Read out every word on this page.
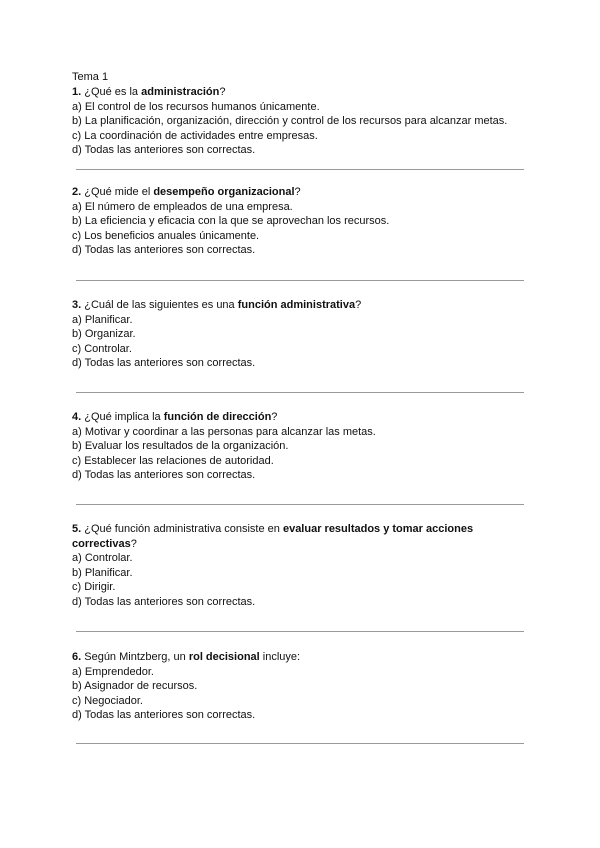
Tema 1

1. ¿Qué es la administración?

a) El control de los recursos humanos únicamente.

b) La planificación, organización, dirección y control de los recursos para alcanzar metas.

c) La coordinación de actividades entre empresas.

d) Todas las anteriores son correctas.

2. ¿Qué mide el desempeño organizacional?

a) El número de empleados de una empresa.

b) La eficiencia y eficacia con la que se aprovechan los recursos.

c) Los beneficios anuales únicamente.

d) Todas las anteriores son correctas.

3. ¿Cuál de las siguientes es una función administrativa?

a) Planificar.

b) Organizar.

c) Controlar.

d) Todas las anteriores son correctas.

4. ¿Qué implica la función de dirección?

a) Motivar y coordinar a las personas para alcanzar las metas.

b) Evaluar los resultados de la organización.

c) Establecer las relaciones de autoridad.

d) Todas las anteriores son correctas.

5. ¿Qué función administrativa consiste en evaluar resultados y tomar acciones correctivas?

a) Controlar.

b) Planificar.

c) Dirigir.

d) Todas las anteriores son correctas.

6. Según Mintzberg, un rol decisional incluye:

a) Emprendedor.

b) Asignador de recursos.

c) Negociador.

d) Todas las anteriores son correctas.
